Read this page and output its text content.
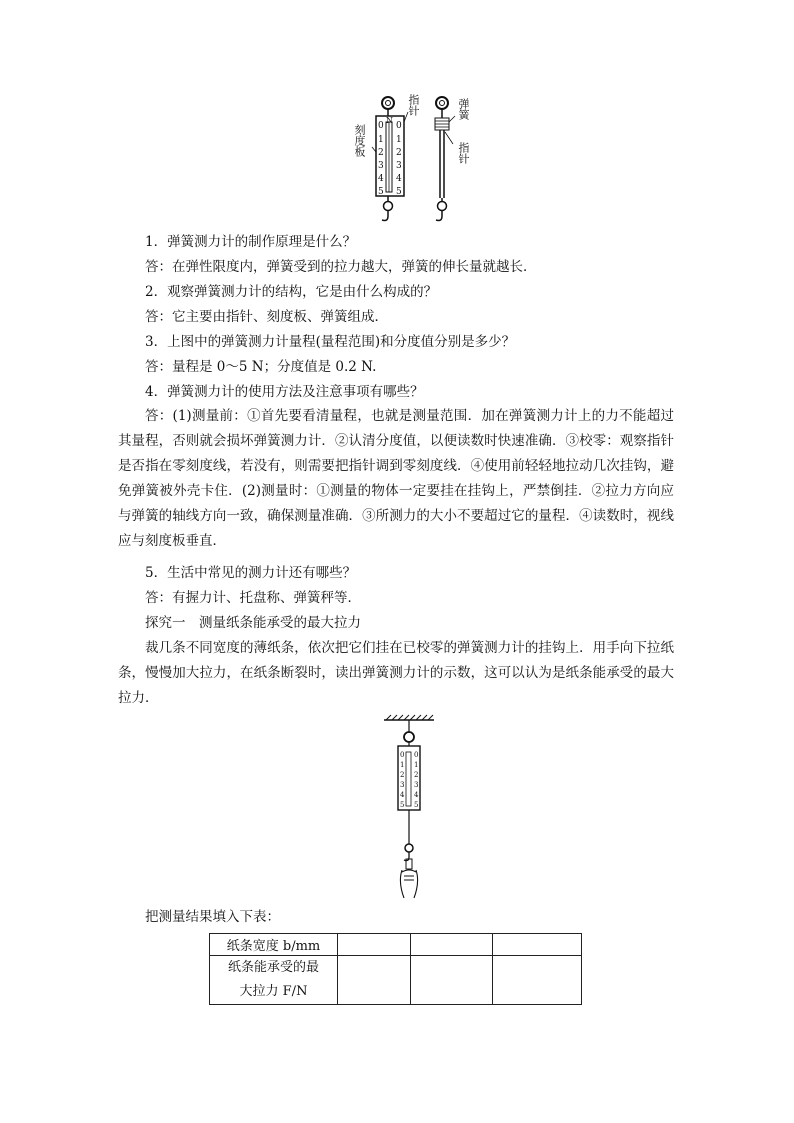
0 0
1 1
2 2
3 3
4 4
5 5
N
指针
刻度板
弹簧
指针
1．弹簧测力计的制作原理是什么？
答：在弹性限度内，弹簧受到的拉力越大，弹簧的伸长量就越长．
2．观察弹簧测力计的结构，它是由什么构成的？
答：它主要由指针、刻度板、弹簧组成．
3．上图中的弹簧测力计量程(量程范围)和分度值分别是多少？
答：量程是 0～5 N；分度值是 0.2 N.
4．弹簧测力计的使用方法及注意事项有哪些？
答：(1)测量前：①首先要看清量程，也就是测量范围．加在弹簧测力计上的力不能超过其量程，否则就会损坏弹簧测力计．②认清分度值，以便读数时快速准确．③校零：观察指针是否指在零刻度线，若没有，则需要把指针调到零刻度线．④使用前轻轻地拉动几次挂钩，避免弹簧被外壳卡住．(2)测量时：①测量的物体一定要挂在挂钩上，严禁倒挂．②拉力方向应与弹簧的轴线方向一致，确保测量准确．③所测力的大小不要超过它的量程．④读数时，视线应与刻度板垂直．
5．生活中常见的测力计还有哪些？
答：有握力计、托盘称、弹簧秤等．
探究一　测量纸条能承受的最大拉力
裁几条不同宽度的薄纸条，依次把它们挂在已校零的弹簧测力计的挂钩上．用手向下拉纸条，慢慢加大拉力，在纸条断裂时，读出弹簧测力计的示数，这可以认为是纸条能承受的最大拉力．
0 0
1 1
2 2
3 3
4 4
5 5
把测量结果填入下表：
纸条宽度 b/mm			
纸条能承受的最
大拉力 F/N			
